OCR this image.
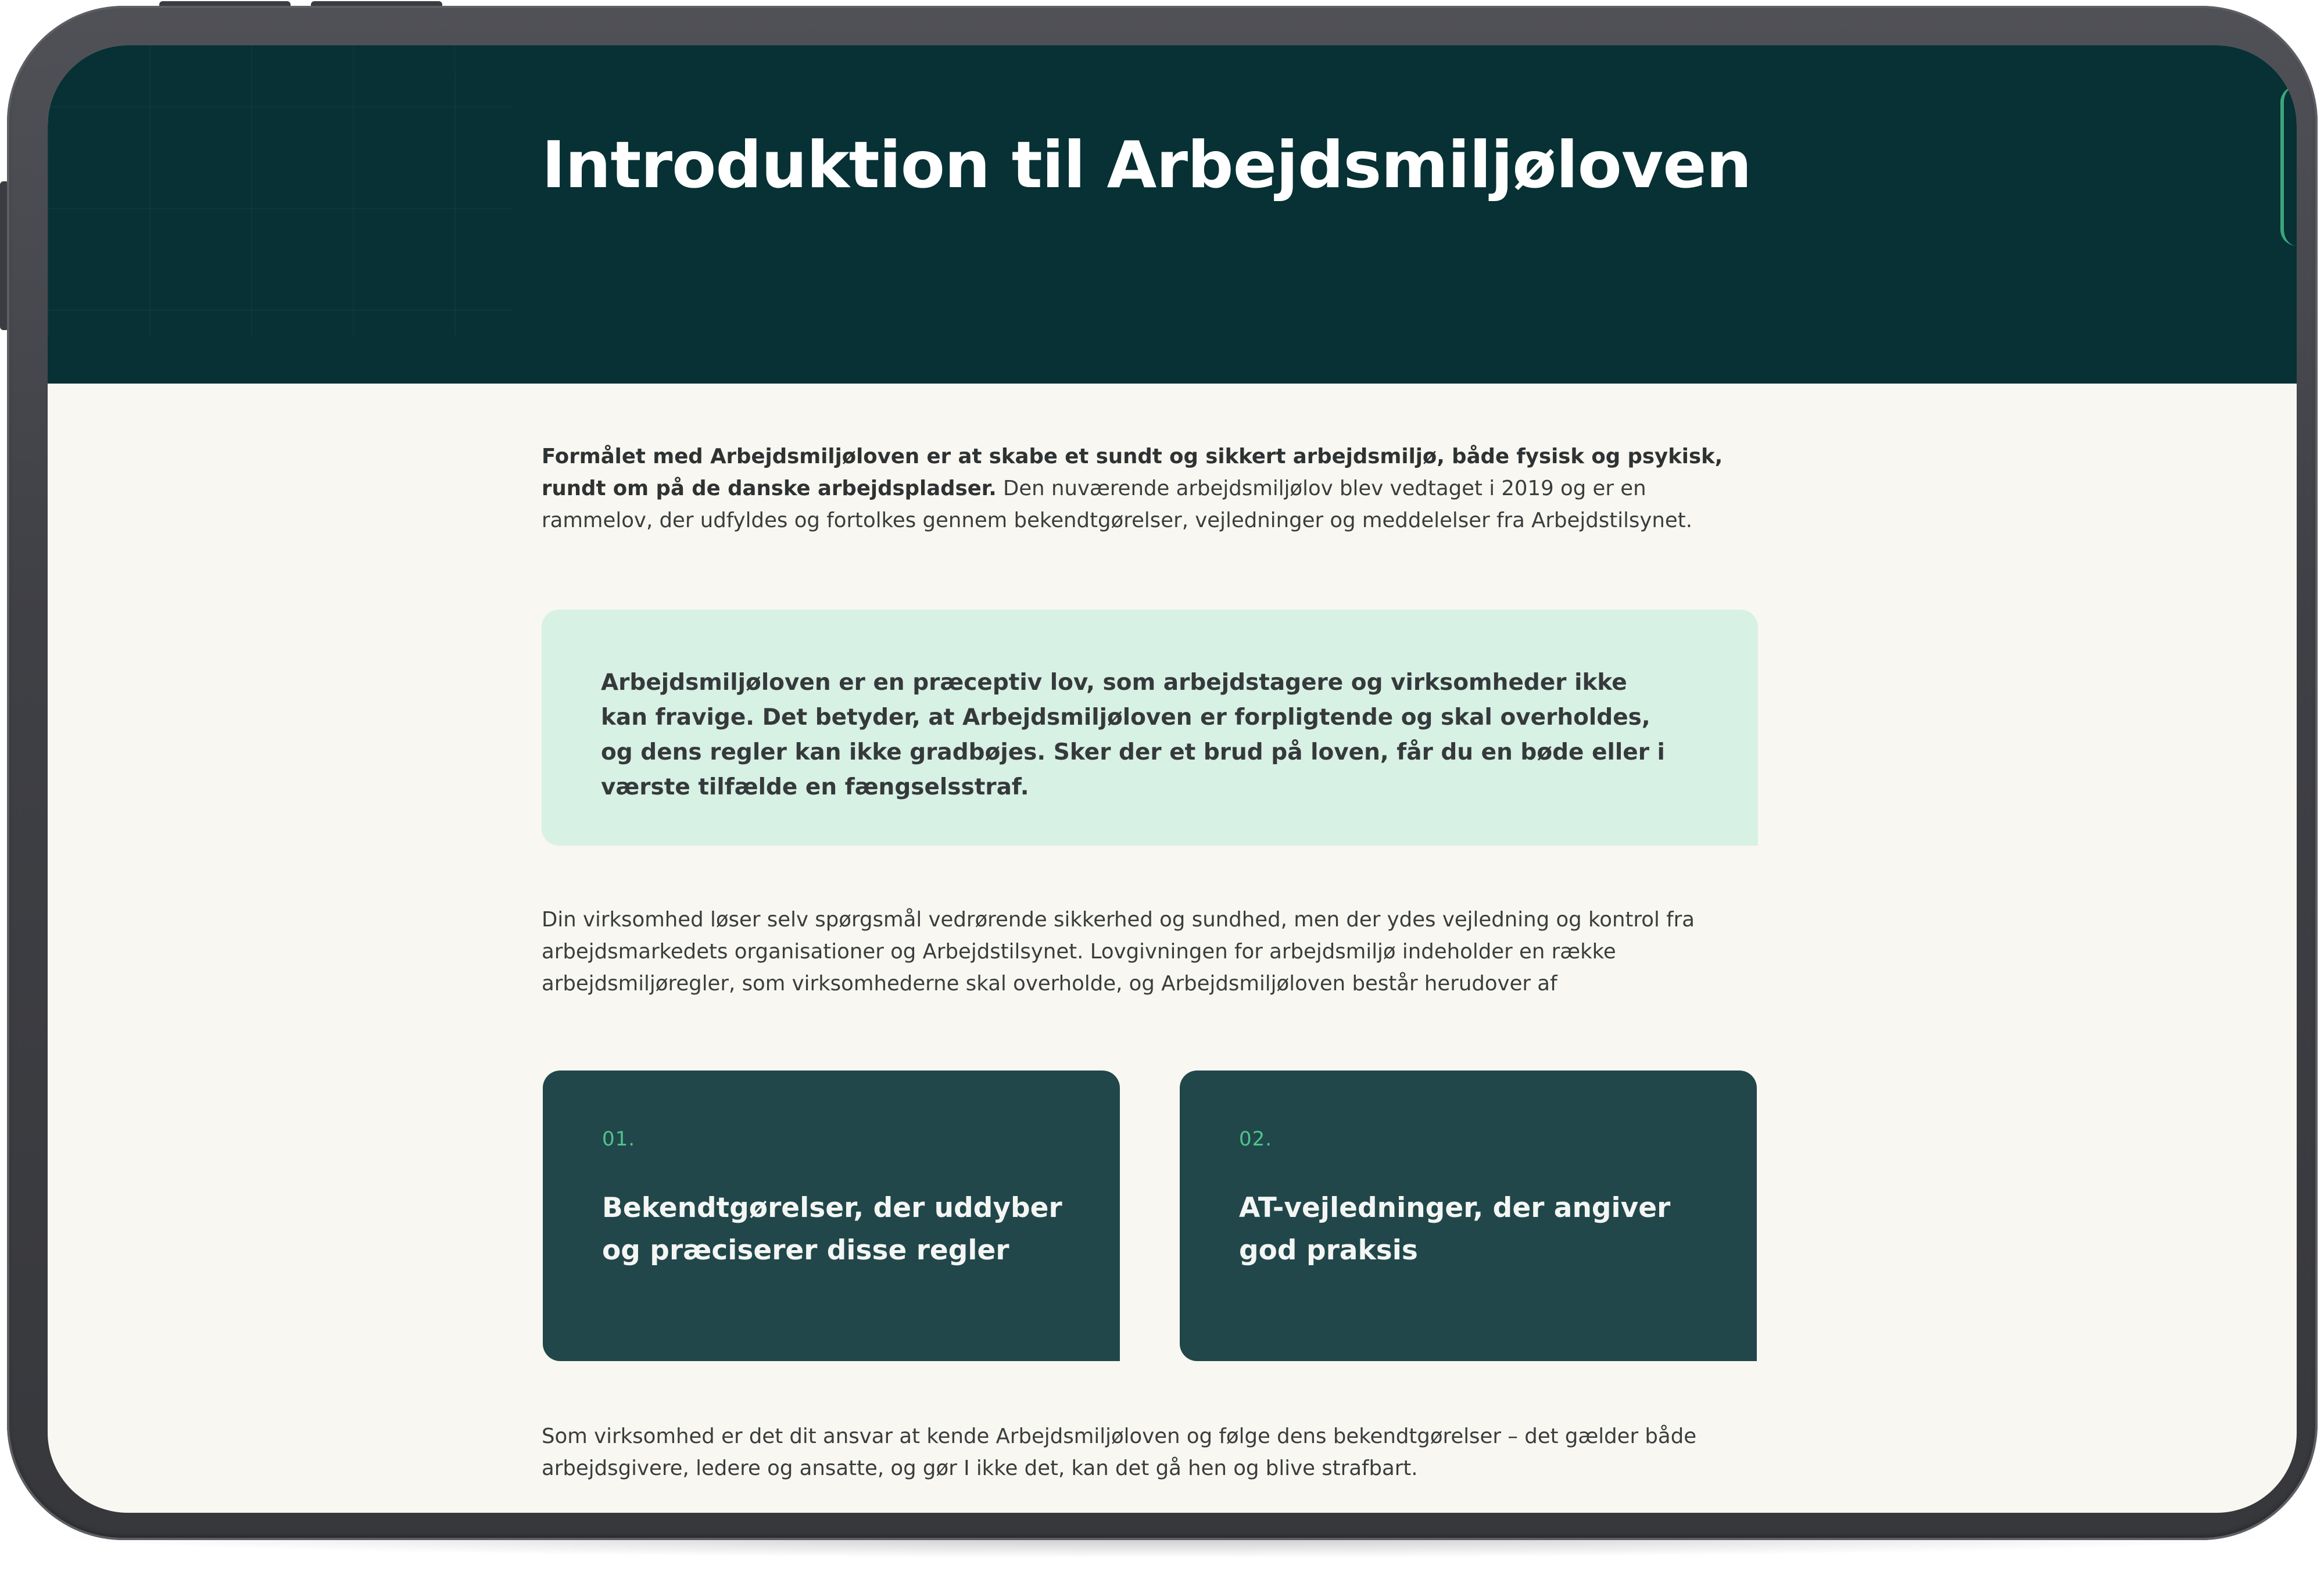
Introduktion til Arbejdsmiljøloven
Formålet med Arbejdsmiljøloven er at skabe et sundt og sikkert arbejdsmiljø, både fysisk og psykisk, rundt om på de danske arbejdspladser. Den nuværende arbejdsmiljølov blev vedtaget i 2019 og er en rammelov, der udfyldes og fortolkes gennem bekendtgørelser, vejledninger og meddelelser fra Arbejdstilsynet.
Arbejdsmiljøloven er en præceptiv lov, som arbejdstagere og virksomheder ikke kan fravige. Det betyder, at Arbejdsmiljøloven er forpligtende og skal overholdes, og dens regler kan ikke gradbøjes. Sker der et brud på loven, får du en bøde eller i værste tilfælde en fængselsstraf.
Din virksomhed løser selv spørgsmål vedrørende sikkerhed og sundhed, men der ydes vejledning og kontrol fra arbejdsmarkedets organisationer og Arbejdstilsynet. Lovgivningen for arbejdsmiljø indeholder en række arbejdsmiljøregler, som virksomhederne skal overholde, og Arbejdsmiljøloven består herudover af
01.
Bekendtgørelser, der uddyber og præciserer disse regler
02.
AT-vejledninger, der angiver god praksis
Som virksomhed er det dit ansvar at kende Arbejdsmiljøloven og følge dens bekendtgørelser – det gælder både arbejdsgivere, ledere og ansatte, og gør I ikke det, kan det gå hen og blive strafbart.
